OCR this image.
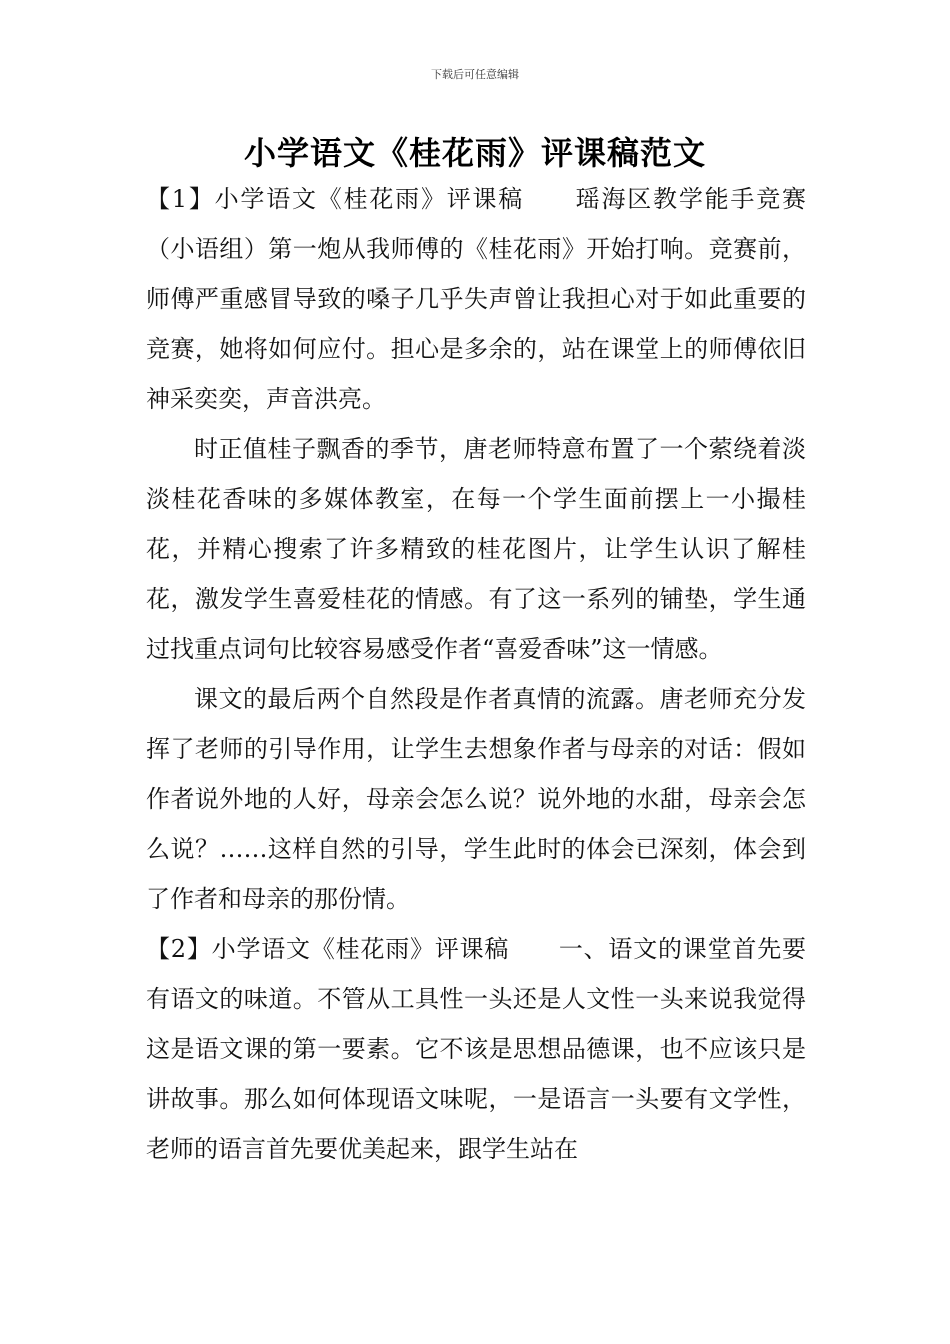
下载后可任意编辑
小学语文《桂花雨》评课稿范文

【1】小学语文《桂花雨》评课稿　　瑶海区教学能手竞赛（小语组）第一炮从我师傅的《桂花雨》开始打响。竞赛前，师傅严重感冒导致的嗓子几乎失声曾让我担心对于如此重要的竞赛，她将如何应付。担心是多余的，站在课堂上的师傅依旧神采奕奕，声音洪亮。

时正值桂子飘香的季节，唐老师特意布置了一个萦绕着淡淡桂花香味的多媒体教室，在每一个学生面前摆上一小撮桂花，并精心搜索了许多精致的桂花图片，让学生认识了解桂花，激发学生喜爱桂花的情感。有了这一系列的铺垫，学生通过找重点词句比较容易感受作者“喜爱香味”这一情感。

课文的最后两个自然段是作者真情的流露。唐老师充分发挥了老师的引导作用，让学生去想象作者与母亲的对话：假如作者说外地的人好，母亲会怎么说？说外地的水甜，母亲会怎么说？……这样自然的引导，学生此时的体会已深刻，体会到了作者和母亲的那份情。

【2】小学语文《桂花雨》评课稿　　一、语文的课堂首先要有语文的味道。不管从工具性一头还是人文性一头来说我觉得这是语文课的第一要素。它不该是思想品德课，也不应该只是讲故事。那么如何体现语文味呢，一是语言一头要有文学性，老师的语言首先要优美起来，跟学生站在
